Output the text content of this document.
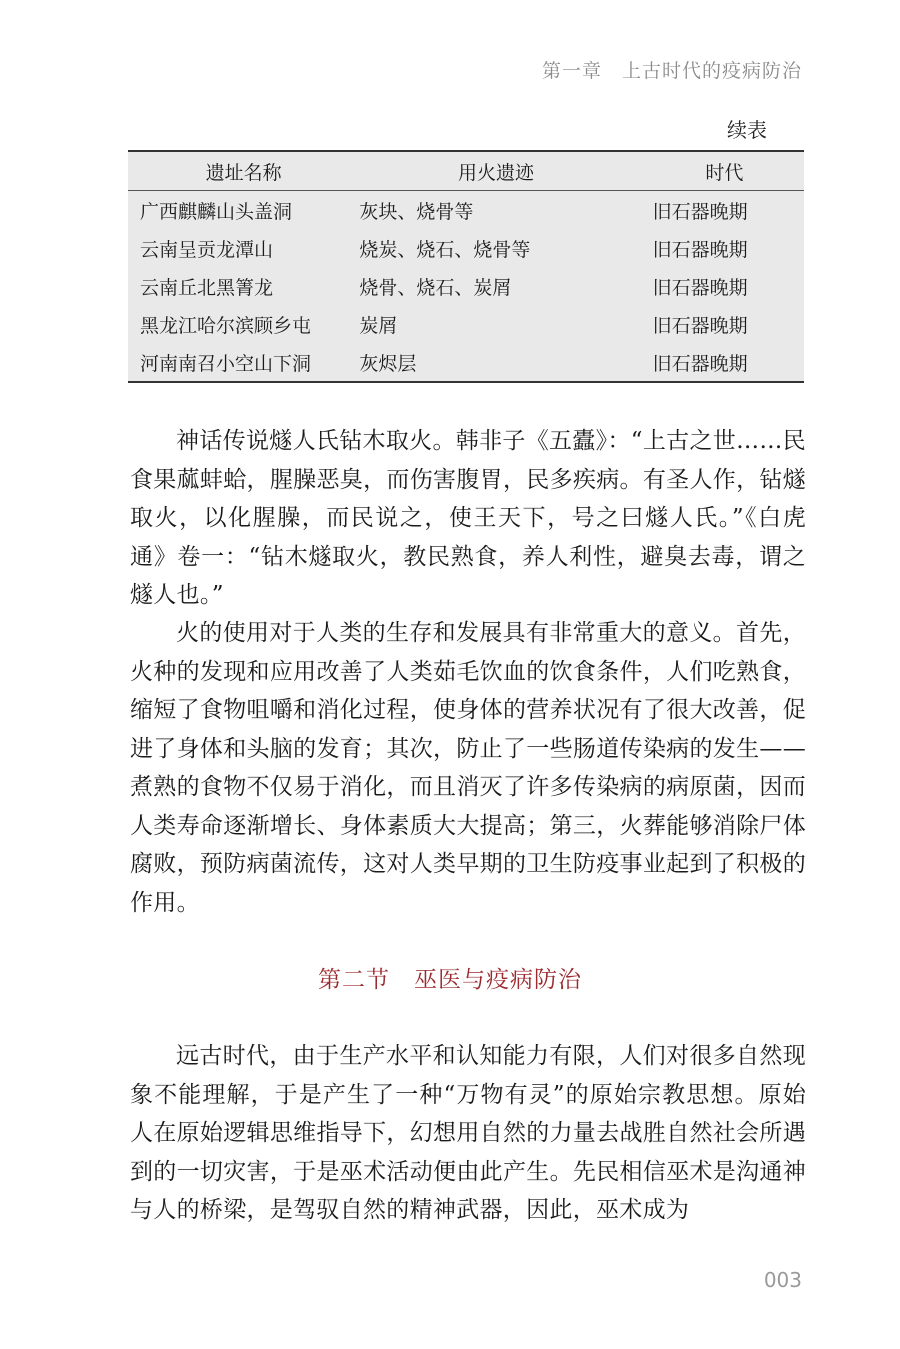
第一章　上古时代的疫病防治
续表
遗址名称	用火遗迹	时代
广西麒麟山头盖洞	灰块、烧骨等	旧石器晚期
云南呈贡龙潭山	烧炭、烧石、烧骨等	旧石器晚期
云南丘北黑箐龙	烧骨、烧石、炭屑	旧石器晚期
黑龙江哈尔滨顾乡屯	炭屑	旧石器晚期
河南南召小空山下洞	灰烬层	旧石器晚期

神话传说燧人氏钻木取火。韩非子《五蠹》：“上古之世……民食果蓏蚌蛤，腥臊恶臭，而伤害腹胃，民多疾病。有圣人作，钻燧取火，以化腥臊，而民说之，使王天下，号之曰燧人氏。”《白虎通》卷一：“钻木燧取火，教民熟食，养人利性，避臭去毒，谓之燧人也。”

火的使用对于人类的生存和发展具有非常重大的意义。首先，火种的发现和应用改善了人类茹毛饮血的饮食条件，人们吃熟食，缩短了食物咀嚼和消化过程，使身体的营养状况有了很大改善，促进了身体和头脑的发育；其次，防止了一些肠道传染病的发生——煮熟的食物不仅易于消化，而且消灭了许多传染病的病原菌，因而人类寿命逐渐增长、身体素质大大提高；第三，火葬能够消除尸体腐败，预防病菌流传，这对人类早期的卫生防疫事业起到了积极的作用。

第二节　巫医与疫病防治

远古时代，由于生产水平和认知能力有限，人们对很多自然现象不能理解，于是产生了一种“万物有灵”的原始宗教思想。原始人在原始逻辑思维指导下，幻想用自然的力量去战胜自然社会所遇到的一切灾害，于是巫术活动便由此产生。先民相信巫术是沟通神与人的桥梁，是驾驭自然的精神武器，因此，巫术成为

003
